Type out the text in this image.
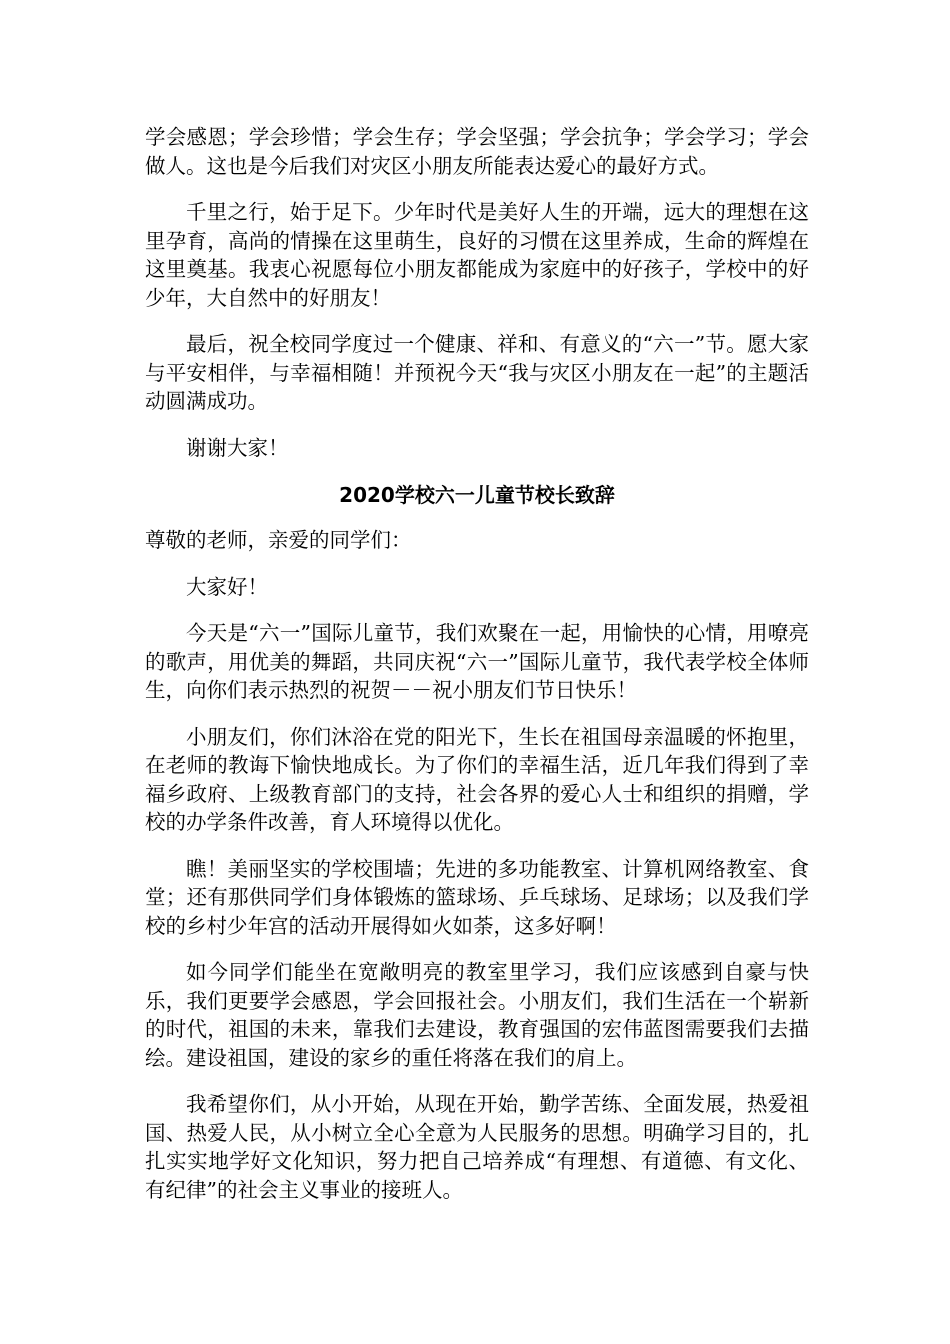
学会感恩；学会珍惜；学会生存；学会坚强；学会抗争；学会学习；学会做人。这也是今后我们对灾区小朋友所能表达爱心的最好方式。

千里之行，始于足下。少年时代是美好人生的开端，远大的理想在这里孕育，高尚的情操在这里萌生，良好的习惯在这里养成，生命的辉煌在这里奠基。我衷心祝愿每位小朋友都能成为家庭中的好孩子，学校中的好少年，大自然中的好朋友！

最后，祝全校同学度过一个健康、祥和、有意义的“六一”节。愿大家与平安相伴，与幸福相随！并预祝今天“我与灾区小朋友在一起”的主题活动圆满成功。

谢谢大家！

2020学校六一儿童节校长致辞

尊敬的老师，亲爱的同学们：

大家好！

今天是“六一”国际儿童节，我们欢聚在一起，用愉快的心情，用嘹亮的歌声，用优美的舞蹈，共同庆祝“六一”国际儿童节，我代表学校全体师生，向你们表示热烈的祝贺－－祝小朋友们节日快乐！

小朋友们，你们沐浴在党的阳光下，生长在祖国母亲温暖的怀抱里，在老师的教诲下愉快地成长。为了你们的幸福生活，近几年我们得到了幸福乡政府、上级教育部门的支持，社会各界的爱心人士和组织的捐赠，学校的办学条件改善，育人环境得以优化。

瞧！美丽坚实的学校围墙；先进的多功能教室、计算机网络教室、食堂；还有那供同学们身体锻炼的篮球场、乒乓球场、足球场；以及我们学校的乡村少年宫的活动开展得如火如荼，这多好啊！

如今同学们能坐在宽敞明亮的教室里学习，我们应该感到自豪与快乐，我们更要学会感恩，学会回报社会。小朋友们，我们生活在一个崭新的时代，祖国的未来，靠我们去建设，教育强国的宏伟蓝图需要我们去描绘。建设祖国，建设的家乡的重任将落在我们的肩上。

我希望你们，从小开始，从现在开始，勤学苦练、全面发展，热爱祖国、热爱人民，从小树立全心全意为人民服务的思想。明确学习目的，扎扎实实地学好文化知识，努力把自己培养成“有理想、有道德、有文化、有纪律”的社会主义事业的接班人。
